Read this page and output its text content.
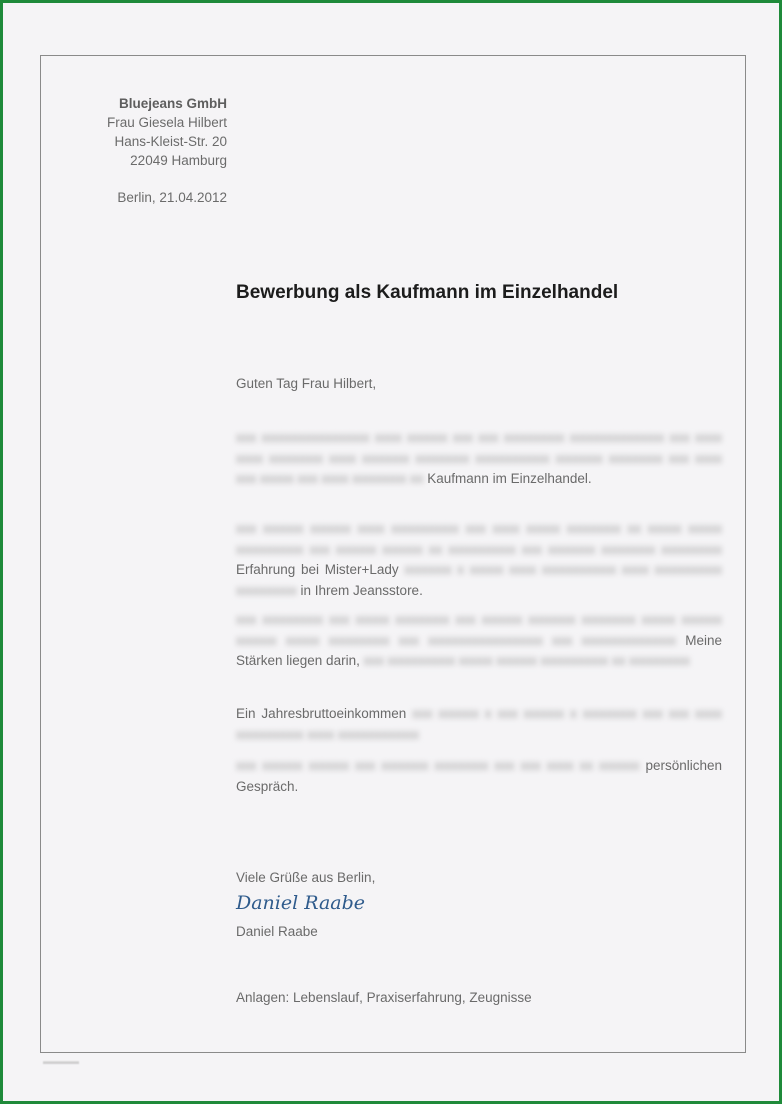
Bluejeans GmbH
Frau Giesela Hilbert
Hans-Kleist-Str. 20
22049 Hamburg
Berlin, 21.04.2012
Bewerbung als Kaufmann im Einzelhandel
Guten Tag Frau Hilbert,
xxx xxxxxxxxxxxxxxxx xxxx xxxxxx xxx xxx xxxxxxxxx xxxxxxxxxxxxxx xxx xxxx xxxx xxxxxxxx xxxx xxxxxxx xxxxxxxx xxxxxxxxxxx xxxxxxx xxxxxxxx xxx xxxx xxx xxxxx xxx xxxx xxxxxxxx xx Kaufmann im Einzelhandel.
xxx xxxxxx xxxxxx xxxx xxxxxxxxxx xxx xxxx xxxxx xxxxxxxx xx xxxxx xxxxx xxxxxxxxxx xxx xxxxxx xxxxxx xx xxxxxxxxxx xxx xxxxxxx xxxxxxxx xxxxxxxxx Erfahrung bei Mister+Lady xxxxxxx x xxxxx xxxx xxxxxxxxxxx xxxx xxxxxxxxxx xxxxxxxxx in Ihrem Jeansstore.
xxx xxxxxxxxx xxx xxxxx xxxxxxxx xxx xxxxxx xxxxxxx xxxxxxxx xxxxx xxxxxx xxxxxx xxxxx xxxxxxxxx xxx xxxxxxxxxxxxxxxxx xxx xxxxxxxxxxxxxx Meine Stärken liegen darin, xxx xxxxxxxxxx xxxxx xxxxxx xxxxxxxxxx xx xxxxxxxxx
Ein Jahresbruttoeinkommen xxx xxxxxx x xxx xxxxxx x xxxxxxxx xxx xxx xxxx xxxxxxxxxx xxxx xxxxxxxxxxxx
xxx xxxxxx xxxxxx xxx xxxxxxx xxxxxxxx xxx xxx xxxx xx xxxxxx persönlichen Gespräch.
Viele Grüße aus Berlin,
Daniel Raabe
Daniel Raabe
Anlagen: Lebenslauf, Praxiserfahrung, Zeugnisse
▬▬▬▬
